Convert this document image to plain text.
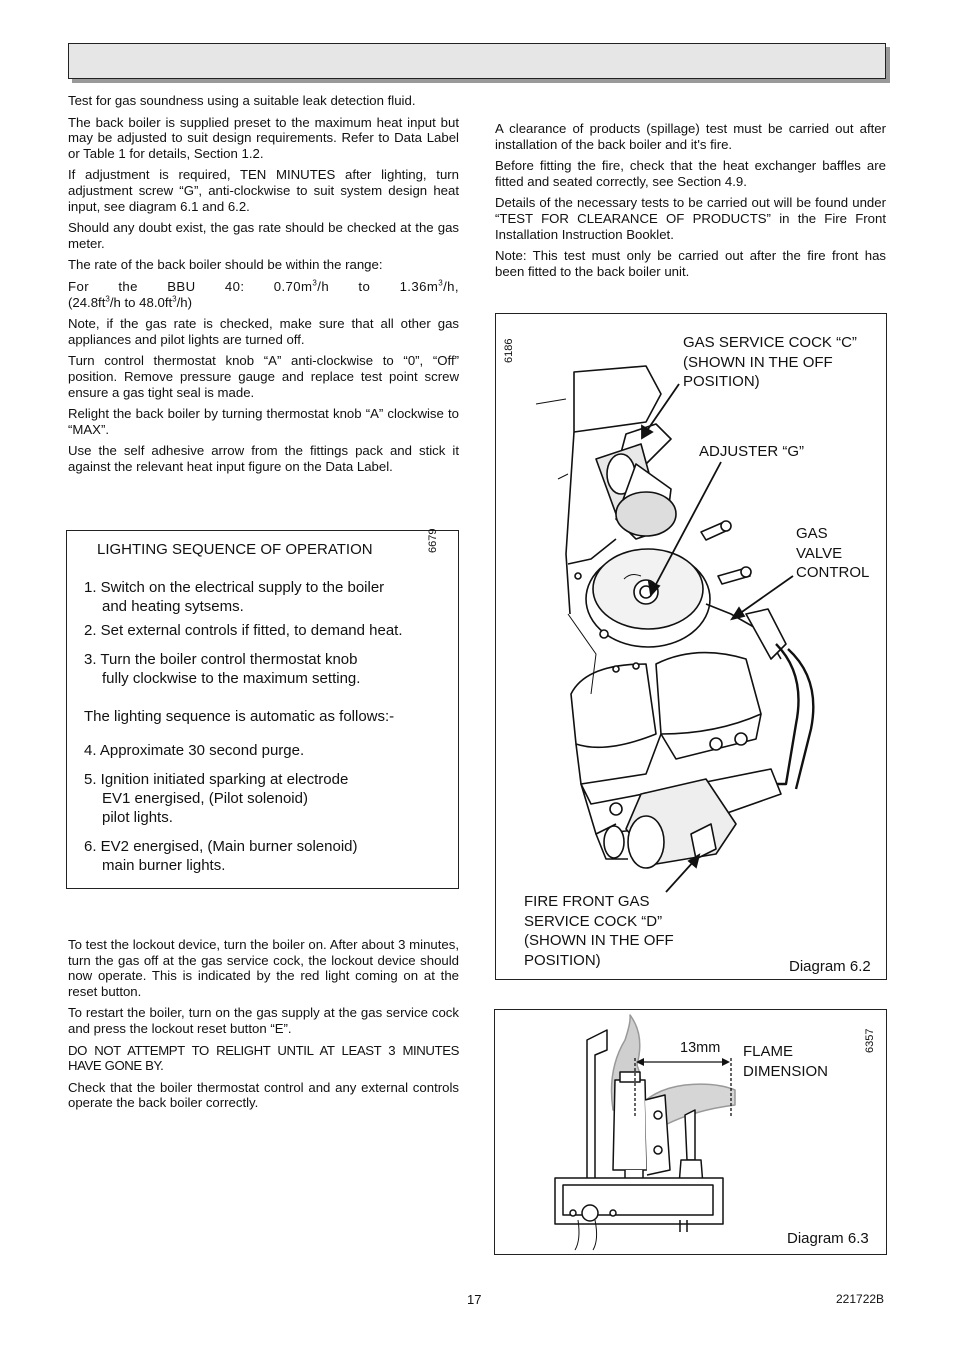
Test for gas soundness using a suitable leak detection fluid.

The back boiler is supplied preset to the maximum heat input but may be adjusted to suit design requirements. Refer to Data Label or Table 1 for details, Section 1.2.

If adjustment is required, TEN MINUTES after lighting, turn adjustment screw “G”, anti-clockwise to suit system design heat input, see diagram 6.1 and 6.2.

Should any doubt exist, the gas rate should be checked at the gas meter.

The rate of the back boiler should be within the range:

For the BBU 40: $0.70m^3/h$ to $1.36m^3/h$,

($24.8ft^3/h$ to $48.0ft^3/h$)

Note, if the gas rate is checked, make sure that all other gas appliances and pilot lights are turned off.

Turn control thermostat knob “A” anti-clockwise to “0”, “Off” position. Remove pressure gauge and replace test point screw ensure a gas tight seal is made.

Relight the back boiler by turning thermostat knob “A” clockwise to “MAX”.

Use the self adhesive arrow from the fittings pack and stick it against the relevant heat input figure on the Data Label.

LIGHTING SEQUENCE OF OPERATION	6679
1. Switch on the electrical supply to the boiler
and heating sytsems.
2. Set external controls if fitted, to demand heat.
3. Turn the boiler control thermostat knob
fully clockwise to the maximum setting.
The lighting sequence is automatic as follows:-
4. Approximate 30 second purge.
5. Ignition initiated sparking at electrode
EV1 energised, (Pilot solenoid)
pilot lights.
6. EV2 energised, (Main burner solenoid)
main burner lights.

To test the lockout device, turn the boiler on. After about 3 minutes, turn the gas off at the gas service cock, the lockout device should now operate. This is indicated by the red light coming on at the reset button.

To restart the boiler, turn on the gas supply at the gas service cock and press the lockout reset button “E”.

DO NOT ATTEMPT TO RELIGHT UNTIL AT LEAST 3 MINUTES HAVE GONE BY.

Check that the boiler thermostat control and any external controls operate the back boiler correctly.

A clearance of products (spillage) test must be carried out after installation of the back boiler and it's fire.

Before fitting the fire, check that the heat exchanger baffles are fitted and seated correctly, see Section 4.9.

Details of the necessary tests to be carried out will be found under “TEST FOR CLEARANCE OF PRODUCTS” in the Fire Front Installation Instruction Booklet.

Note: This test must only be carried out after the fire front has been fitted to the back boiler unit.

6186	GAS SERVICE COCK “C”
(SHOWN IN THE OFF
POSITION)
ADJUSTER “G”
GAS
VALVE
CONTROL
FIRE FRONT GAS
SERVICE COCK “D”
(SHOWN IN THE OFF
POSITION)	Diagram 6.2
6357
13mm FLAME
DIMENSION
Diagram 6.3
17	221722B
